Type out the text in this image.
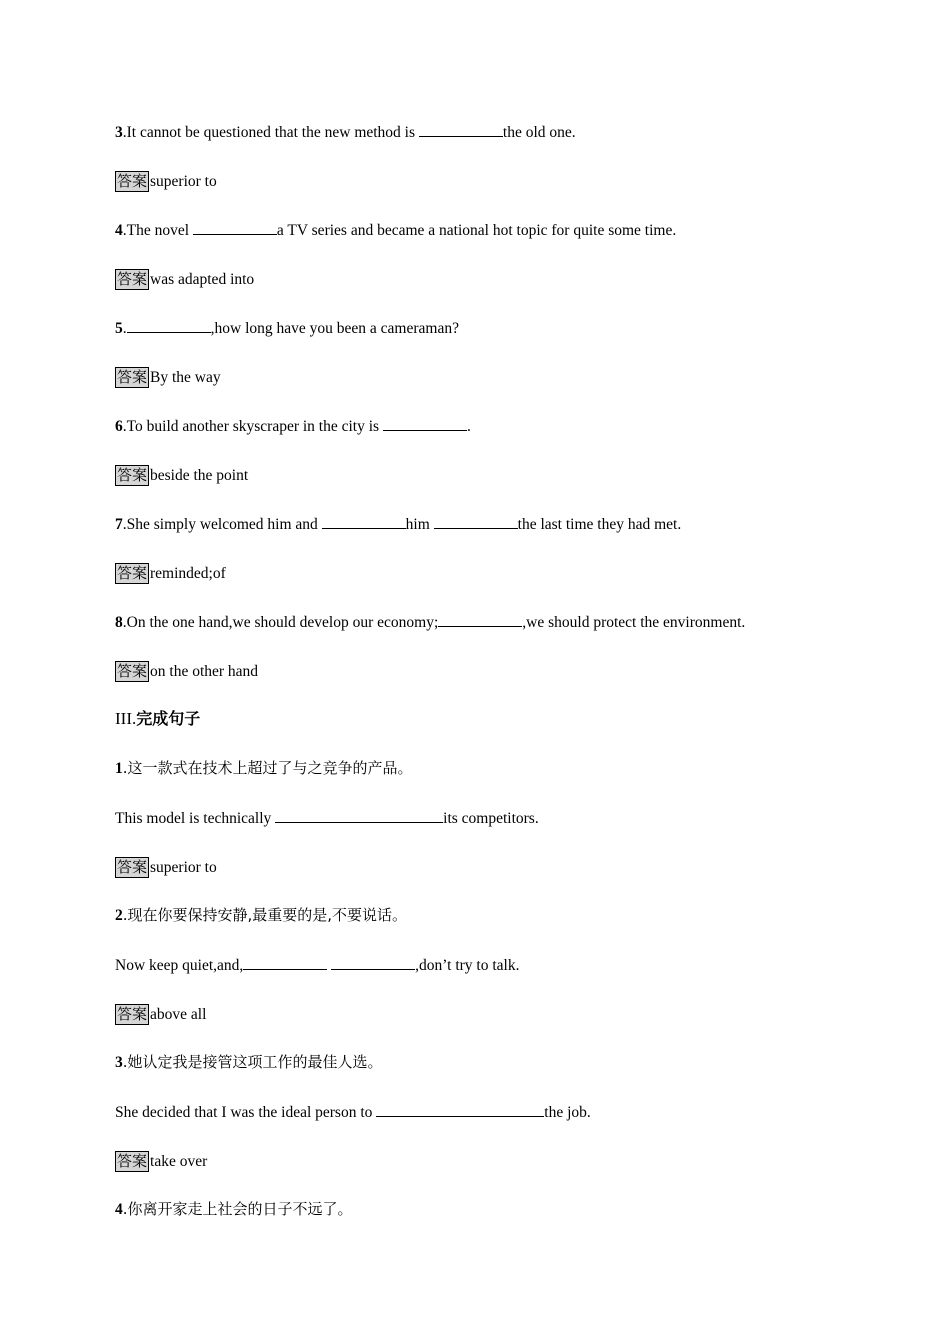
3.It cannot be questioned that the new method is	the old one.
答案 superior to
4.The novel	a TV series and became a national hot topic for quite some time.
答案 was adapted into
5.	,how long have you been a cameraman?
答案 By the way
6.To build another skyscraper in the city is	.
答案 beside the point
7.She simply welcomed him and	him	the last time they had met.
答案 reminded;of
8.On the one hand,we should develop our economy;	,we should protect the environment.
答案 on the other hand
III.完成句子
1.这一款式在技术上超过了与之竞争的产品。
This model is technically	its competitors.
答案 superior to
2.现在你要保持安静,最重要的是,不要说话。
Now keep quiet,and,	,don’t try to talk.
答案 above all
3.她认定我是接管这项工作的最佳人选。
She decided that I was the ideal person to	the job.
答案 take over
4.你离开家走上社会的日子不远了。
